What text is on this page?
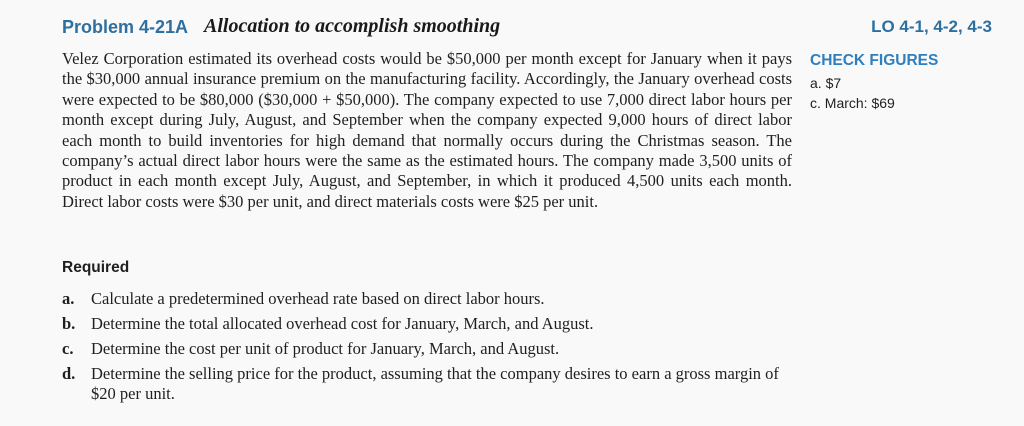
Problem 4-21A Allocation to accomplish smoothing	LO 4-1, 4-2, 4-3
Velez Corporation estimated its overhead costs would be $50,000 per month except for January when it pays the $30,000 annual insurance premium on the manufacturing facility. Accordingly, the January overhead costs were expected to be $80,000 ($30,000 + $50,000). The company expected to use 7,000 direct labor hours per month except during July, August, and September when the company expected 9,000 hours of direct labor each month to build inventories for high demand that normally occurs during the Christmas season. The company’s actual direct labor hours were the same as the estimated hours. The company made 3,500 units of product in each month except July, August, and September, in which it produced 4,500 units each month. Direct labor costs were $30 per unit, and direct materials costs were $25 per unit.
CHECK FIGURES
a. $7
c. March: $69
Required
a. Calculate a predetermined overhead rate based on direct labor hours.
b. Determine the total allocated overhead cost for January, March, and August.
c. Determine the cost per unit of product for January, March, and August.
d. Determine the selling price for the product, assuming that the company desires to earn a gross margin of $20 per unit.
